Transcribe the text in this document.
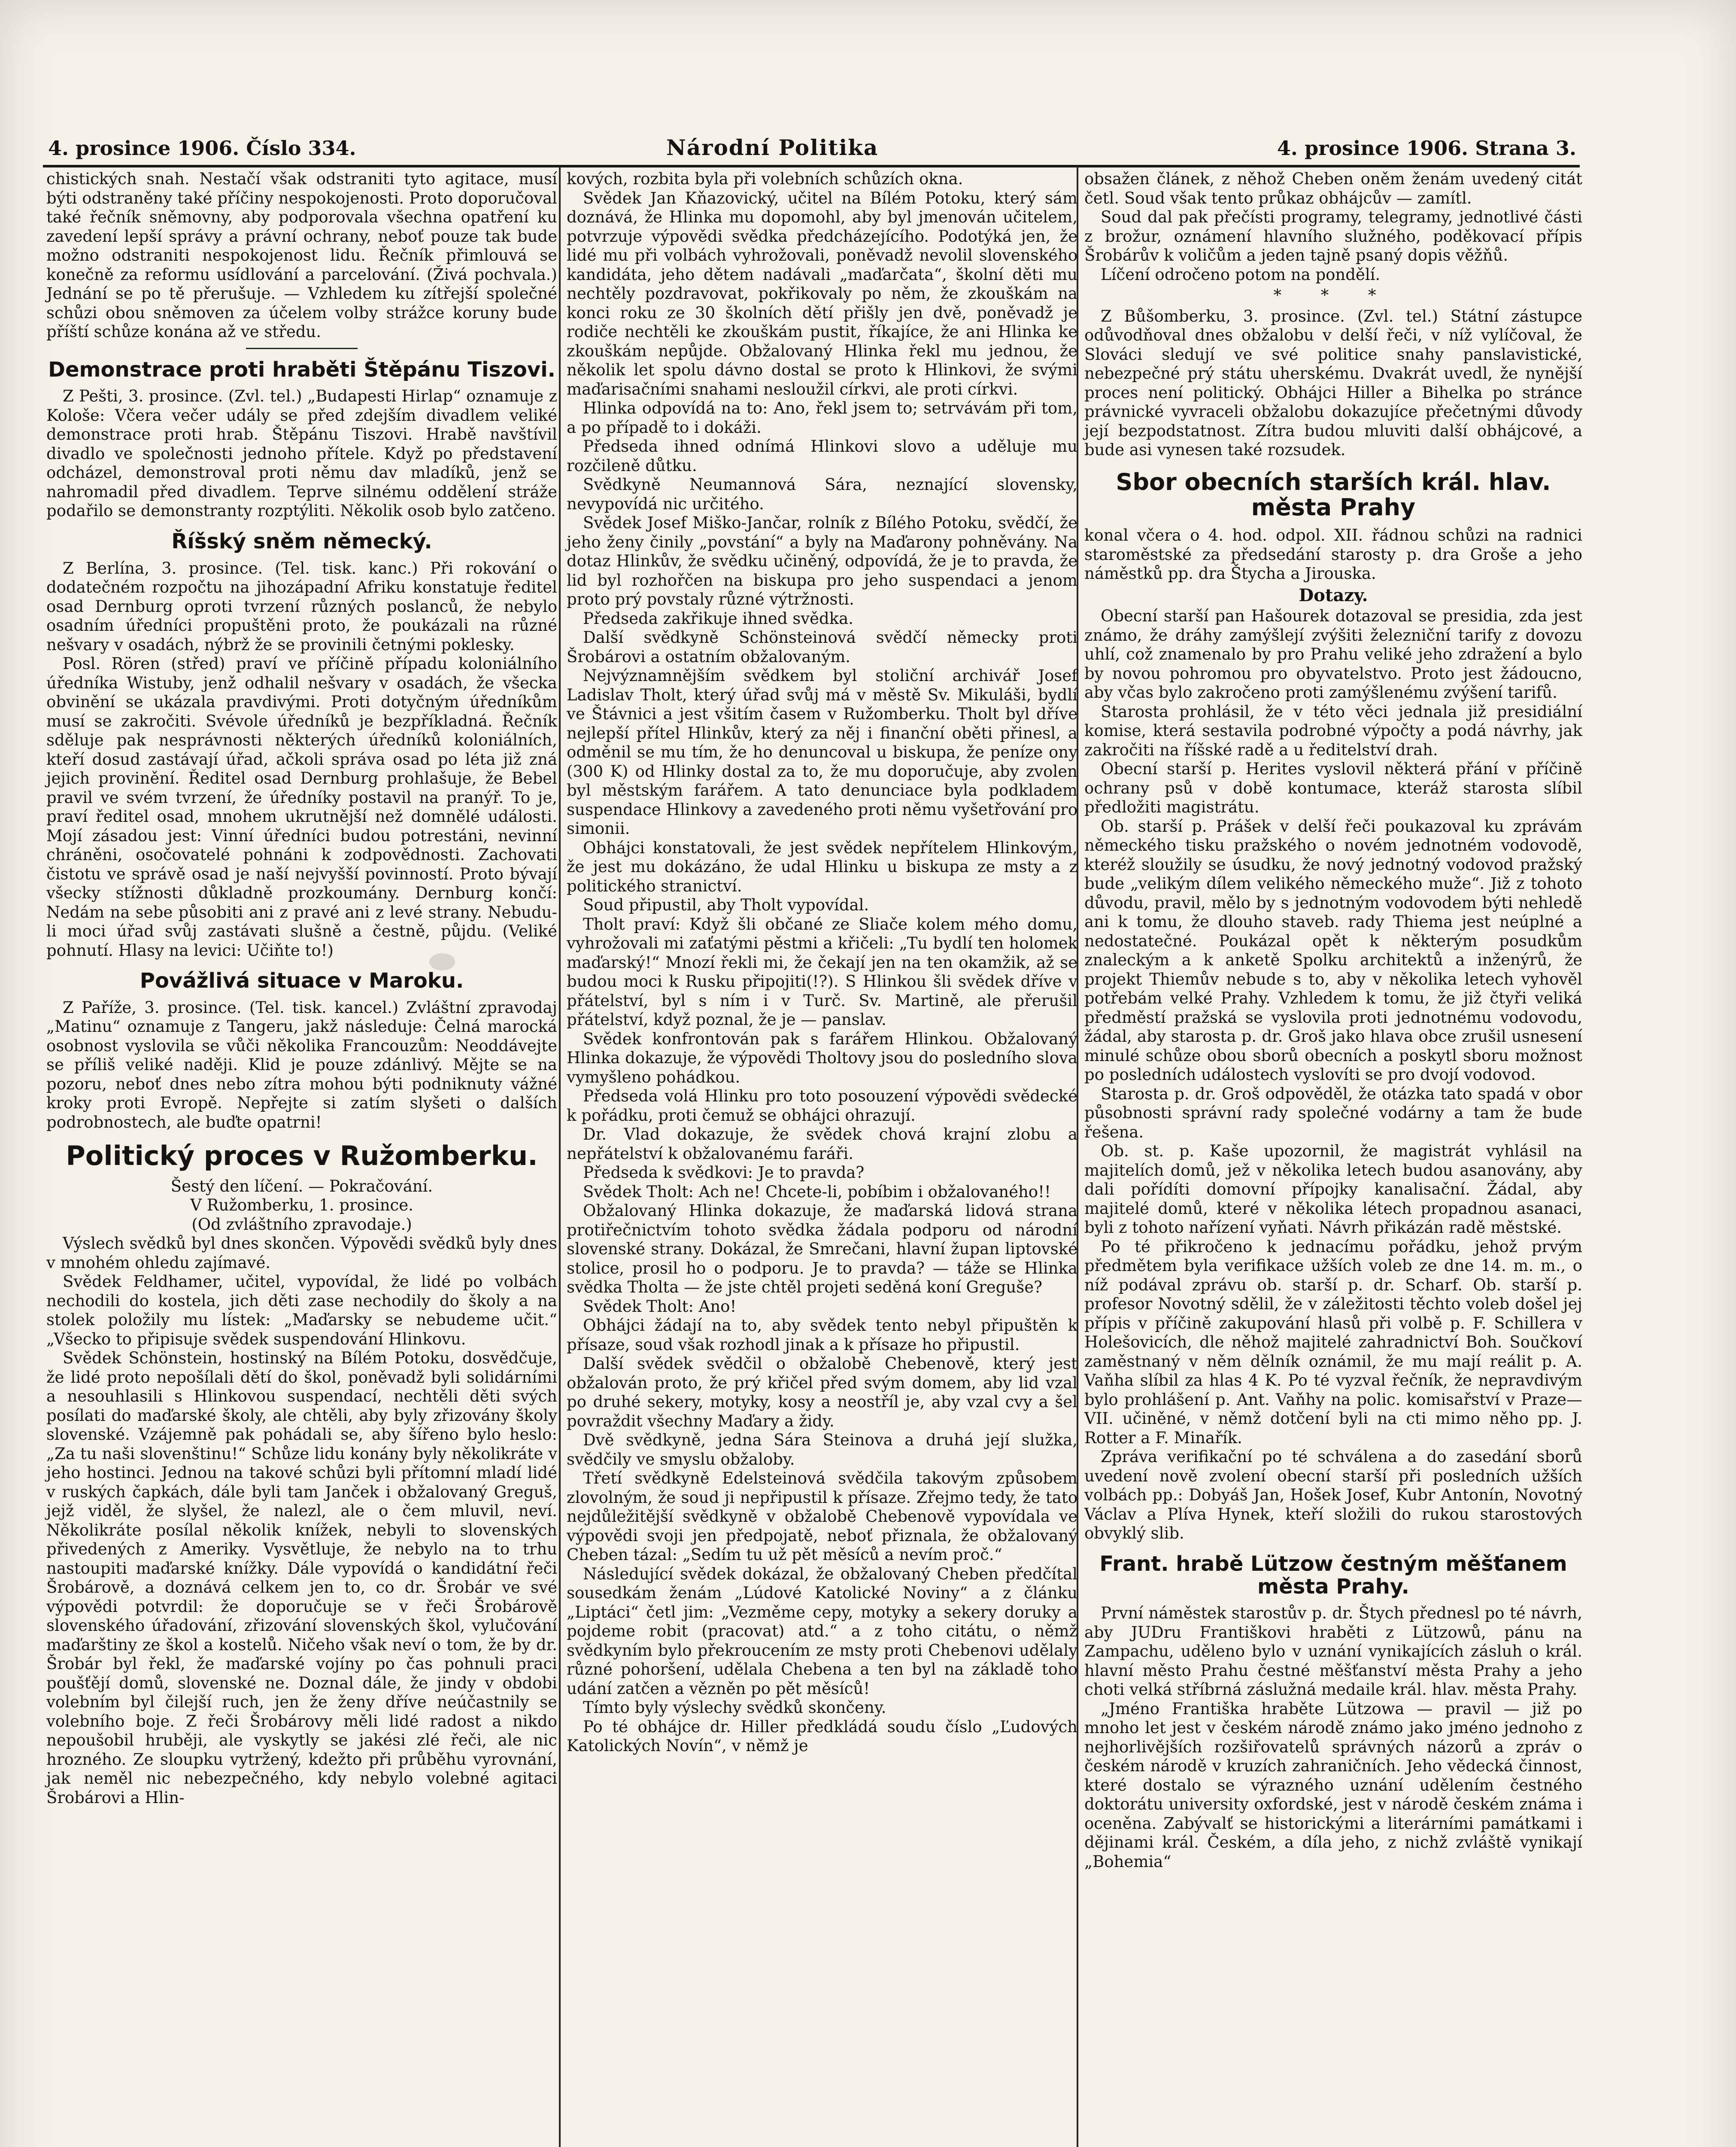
4. prosince 1906. Číslo 334.	Národní Politika	4. prosince 1906. Strana 3.

chistických snah. Nestačí však odstraniti tyto agitace, musí býti odstraněny také příčiny nespokojenosti. Proto doporučoval také řečník sněmovny, aby podporovala všechna opatření ku zavedení lepší správy a právní ochrany, neboť pouze tak bude možno odstraniti nespokojenost lidu. Řečník přimlouvá se konečně za reformu usídlování a parcelování. (Živá pochvala.) Jednání se po tě přerušuje. — Vzhledem ku zítřejší společné schůzi obou sněmoven za účelem volby strážce koruny bude příští schůze konána až ve středu.

Demonstrace proti hraběti Štěpánu Tiszovi.

Z Pešti, 3. prosince. (Zvl. tel.) „Budapesti Hirlap“ oznamuje z Kološe: Včera večer udály se před zdejším divadlem veliké demonstrace proti hrab. Štěpánu Tiszovi. Hrabě navštívil divadlo ve společnosti jednoho přítele. Když po představení odcházel, demonstroval proti němu dav mladíků, jenž se nahromadil před divadlem. Teprve silnému oddělení stráže podařilo se demonstranty rozptýliti. Několik osob bylo zatčeno.

Říšský sněm německý.

Z Berlína, 3. prosince. (Tel. tisk. kanc.) Při rokování o dodatečném rozpočtu na jihozápadní Afriku konstatuje ředitel osad Dernburg oproti tvrzení různých poslanců, že nebylo osadním úředníci propuštěni proto, že poukázali na různé nešvary v osadách, nýbrž že se provinili četnými poklesky.

Posl. Rören (střed) praví ve příčině případu koloniálního úředníka Wistuby, jenž odhalil nešvary v osadách, že všecka obvinění se ukázala pravdivými. Proti dotyčným úředníkům musí se zakročiti. Svévole úředníků je bezpříkladná. Řečník sděluje pak nesprávnosti některých úředníků koloniálních, kteří dosud zastávají úřad, ačkoli správa osad po léta již zná jejich provinění. Ředitel osad Dernburg prohlašuje, že Bebel pravil ve svém tvrzení, že úředníky postavil na pranýř. To je, praví ředitel osad, mnohem ukrutnější než domnělé události. Mojí zásadou jest: Vinní úředníci budou potrestáni, nevinní chráněni, osočovatelé pohnáni k zodpovědnosti. Zachovati čistotu ve správě osad je naší nejvyšší povinností. Proto bývají všecky stížnosti důkladně prozkoumány. Dernburg končí: Nedám na sebe působiti ani z pravé ani z levé strany. Nebudu-li moci úřad svůj zastávati slušně a čestně, půjdu. (Veliké pohnutí. Hlasy na levici: Učiňte to!)

Povážlivá situace v Maroku.

Z Paříže, 3. prosince. (Tel. tisk. kancel.) Zvláštní zpravodaj „Matinu“ oznamuje z Tangeru, jakž následuje: Čelná marocká osobnost vyslovila se vůči několika Francouzům: Neoddávejte se příliš veliké naději. Klid je pouze zdánlivý. Mějte se na pozoru, neboť dnes nebo zítra mohou býti podniknuty vážné kroky proti Evropě. Nepřejte si zatím slyšeti o dalších podrobnostech, ale buďte opatrni!

Politický proces v Ružomberku.

Šestý den líčení. — Pokračování.

V Ružomberku, 1. prosince.

(Od zvláštního zpravodaje.)

Výslech svědků byl dnes skončen. Výpovědi svědků byly dnes v mnohém ohledu zajímavé.

Svědek Feldhamer, učitel, vypovídal, že lidé po volbách nechodili do kostela, jich děti zase nechodily do školy a na stolek položily mu lístek: „Maďarsky se nebudeme učit.“ „Všecko to připisuje svědek suspendování Hlinkovu.

Svědek Schönstein, hostinský na Bílém Potoku, dosvědčuje, že lidé proto nepošílali dětí do škol, poněvadž byli solidárními a nesouhlasili s Hlinkovou suspendací, nechtěli děti svých posílati do maďarské školy, ale chtěli, aby byly zřizovány školy slovenské. Vzájemně pak pohádali se, aby šířeno bylo heslo: „Za tu naši slovenštinu!“ Schůze lidu konány byly několikráte v jeho hostinci. Jednou na takové schůzi byli přítomní mladí lidé v ruských čapkách, dále byli tam Janček i obžalovaný Greguš, jejž viděl, že slyšel, že nalezl, ale o čem mluvil, neví. Několikráte posílal několik knížek, nebyli to slovenských přivedených z Ameriky. Vysvětluje, že nebylo na to trhu nastoupiti maďarské knížky. Dále vypovídá o kandidátní řeči Šrobárově, a doznává celkem jen to, co dr. Šrobár ve své výpovědi potvrdil: že doporučuje se v řeči Šrobárově slovenského úřadování, zřizování slovenských škol, vylučování maďarštiny ze škol a kostelů. Ničeho však neví o tom, že by dr. Šrobár byl řekl, že maďarské vojíny po čas pohnuli praci poušťějí domů, slovenské ne. Doznal dále, že jindy v obdobi volebním byl čilejší ruch, jen že ženy dříve neúčastnily se volebního boje. Z řeči Šrobárovy měli lidé radost a nikdo nepoušobil hruběji, ale vyskytly se jakési zlé řeči, ale nic hrozného. Ze sloupku vytržený, kdežto při průběhu vyrovnání, jak neměl nic nebezpečného, kdy nebylo volebné agitaci Šrobárovi a Hlin-

kových, rozbita byla při volebních schůzích okna.

Svědek Jan Kňazovický, učitel na Bílém Potoku, který sám doznává, že Hlinka mu dopomohl, aby byl jmenován učitelem, potvrzuje výpovědi svědka předcházejícího. Podotýká jen, že lidé mu při volbách vyhrožovali, poněvadž nevolil slovenského kandidáta, jeho dětem nadávali „maďarčata“, školní děti mu nechtěly pozdravovat, pokřikovaly po něm, že zkouškám na konci roku ze 30 školních dětí přišly jen dvě, poněvadž je rodiče nechtěli ke zkouškám pustit, říkajíce, že ani Hlinka ke zkouškám nepůjde. Obžalovaný Hlinka řekl mu jednou, že několik let spolu dávno dostal se proto k Hlinkovi, že svými maďarisačními snahami nesloužil církvi, ale proti církvi.

Hlinka odpovídá na to: Ano, řekl jsem to; setrvávám při tom, a po případě to i dokáži.

Předseda ihned odnímá Hlinkovi slovo a uděluje mu rozčileně důtku.

Svědkyně Neumannová Sára, neznající slovensky, nevypovídá nic určitého.

Svědek Josef Miško-Jančar, rolník z Bílého Potoku, svědčí, že jeho ženy činily „povstání“ a byly na Maďarony pohněvány. Na dotaz Hlinkův, že svědku učiněný, odpovídá, že je to pravda, že lid byl rozhořčen na biskupa pro jeho suspendaci a jenom proto prý povstaly různé výtržnosti.

Předseda zakřikuje ihned svědka.

Další svědkyně Schönsteinová svědčí německy proti Šrobárovi a ostatním obžalovaným.

Nejvýznamnějším svědkem byl stoliční archivář Josef Ladislav Tholt, který úřad svůj má v městě Sv. Mikuláši, bydlí ve Štávnici a jest všitím časem v Ružomberku. Tholt byl dříve nejlepší přítel Hlinkův, který za něj i finanční oběti přinesl, a odměnil se mu tím, že ho denuncoval u biskupa, že peníze ony (300 K) od Hlinky dostal za to, že mu doporučuje, aby zvolen byl městským farářem. A tato denunciace byla podkladem suspendace Hlinkovy a zavedeného proti němu vyšetřování pro simonii.

Obhájci konstatovali, že jest svědek nepřítelem Hlinkovým, že jest mu dokázáno, že udal Hlinku u biskupa ze msty a z politického stranictví.

Soud připustil, aby Tholt vypovídal.

Tholt praví: Když šli občané ze Sliače kolem mého domu, vyhrožovali mi zaťatými pěstmi a křičeli: „Tu bydlí ten holomek maďarský!“ Mnozí řekli mi, že čekají jen na ten okamžik, až se budou moci k Rusku připojiti(!?). S Hlinkou šli svědek dříve v přátelství, byl s ním i v Turč. Sv. Martině, ale přerušil přátelství, když poznal, že je — panslav.

Svědek konfrontován pak s farářem Hlinkou. Obžalovaný Hlinka dokazuje, že výpovědi Tholtovy jsou do posledního slova vymyšleno pohádkou.

Předseda volá Hlinku pro toto posouzení výpovědi svědecké k pořádku, proti čemuž se obhájci ohrazují.

Dr. Vlad dokazuje, že svědek chová krajní zlobu a nepřátelství k obžalovanému faráři.

Předseda k svědkovi: Je to pravda?

Svědek Tholt: Ach ne! Chcete-li, pobíbim i obžalovaného!!

Obžalovaný Hlinka dokazuje, že maďarská lidová strana protiřečnictvím tohoto svědka žádala podporu od národní slovenské strany. Dokázal, že Smrečani, hlavní župan liptovské stolice, prosil ho o podporu. Je to pravda? — táže se Hlinka svědka Tholta — že jste chtěl projeti seděná koní Greguše?

Svědek Tholt: Ano!

Obhájci žádají na to, aby svědek tento nebyl připuštěn k přísaze, soud však rozhodl jinak a k přísaze ho připustil.

Další svědek svědčil o obžalobě Chebenově, který jest obžalován proto, že prý křičel před svým domem, aby lid vzal po druhé sekery, motyky, kosy a neostříl je, aby vzal cvy a šel povraždit všechny Maďary a židy.

Dvě svědkyně, jedna Sára Steinova a druhá její služka, svědčily ve smyslu obžaloby.

Třetí svědkyně Edelsteinová svědčila takovým způsobem zlovolným, že soud ji nepřipustil k přísaze. Zřejmo tedy, že tato nejdůležitější svědkyně v obžalobě Chebenově vypovídala ve výpovědi svoji jen předpojatě, neboť přiznala, že obžalovaný Cheben tázal: „Sedím tu už pět měsíců a nevím proč.“

Následující svědek dokázal, že obžalovaný Cheben předčítal sousedkám ženám „Lúdové Katolické Noviny“ a z článku „Liptáci“ četl jim: „Vezměme cepy, motyky a sekery doruky a pojdeme robit (pracovat) atd.“ a z toho citátu, o němž svědkyním bylo překroucením ze msty proti Chebenovi udělaly různé pohoršení, udělala Chebena a ten byl na základě toho udání zatčen a vězněn po pět měsíců!

Tímto byly výslechy svědků skončeny.

Po té obhájce dr. Hiller předkládá soudu číslo „Ľudových Katolických Novín“, v němž je

obsažen článek, z něhož Cheben oněm ženám uvedený citát četl. Soud však tento průkaz obhájcův — zamítl.

Soud dal pak přečísti programy, telegramy, jednotlivé části z brožur, oznámení hlavního služného, poděkovací přípis Šrobárův k voličům a jeden tajně psaný dopis věžňů.

Líčení odročeno potom na pondělí.

* * *

Z Bůšomberku, 3. prosince. (Zvl. tel.) Státní zástupce odůvodňoval dnes obžalobu v delší řeči, v níž vylíčoval, že Slováci sledují ve své politice snahy panslavistické, nebezpečné prý státu uherskému. Dvakrát uvedl, že nynější proces není politický. Obhájci Hiller a Bihelka po stránce právnické vyvraceli obžalobu dokazujíce přečetnými důvody její bezpodstatnost. Zítra budou mluviti další obhájcové, a bude asi vynesen také rozsudek.

Sbor obecních starších král. hlav. města Prahy

konal včera o 4. hod. odpol. XII. řádnou schůzi na radnici staroměstské za předsedání starosty p. dra Groše a jeho náměstků pp. dra Štycha a Jirouska.

Dotazy.

Obecní starší pan Hašourek dotazoval se presidia, zda jest známo, že dráhy zamýšlejí zvýšiti železniční tarify z dovozu uhlí, což znamenalo by pro Prahu veliké jeho zdražení a bylo by novou pohromou pro obyvatelstvo. Proto jest žádoucno, aby včas bylo zakročeno proti zamýšlenému zvýšení tarifů.

Starosta prohlásil, že v této věci jednala již presidiální komise, která sestavila podrobné výpočty a podá návrhy, jak zakročiti na říšské radě a u ředitelství drah.

Obecní starší p. Herites vyslovil některá přání v příčině ochrany psů v době kontumace, kteráž starosta slíbil předložiti magistrátu.

Ob. starší p. Prášek v delší řeči poukazoval ku zprávám německého tisku pražského o novém jednotném vodovodě, kteréž sloužily se úsudku, že nový jednotný vodovod pražský bude „velikým dílem velikého německého muže“. Již z tohoto důvodu, pravil, mělo by s jednotným vodovodem býti nehledě ani k tomu, že dlouho staveb. rady Thiema jest neúplné a nedostatečné. Poukázal opět k některým posudkům znaleckým a k anketě Spolku architektů a inženýrů, že projekt Thiemův nebude s to, aby v několika letech vyhověl potřebám velké Prahy. Vzhledem k tomu, že již čtyři veliká předměstí pražská se vyslovila proti jednotnému vodovodu, žádal, aby starosta p. dr. Groš jako hlava obce zrušil usnesení minulé schůze obou sborů obecních a poskytl sboru možnost po posledních událostech vyslovíti se pro dvojí vodovod.

Starosta p. dr. Groš odpověděl, že otázka tato spadá v obor působnosti správní rady společné vodárny a tam že bude řešena.

Ob. st. p. Kaše upozornil, že magistrát vyhlásil na majitelích domů, jež v několika letech budou asanovány, aby dali pořídíti domovní přípojky kanalisační. Žádal, aby majitelé domů, které v několika létech propadnou asanaci, byli z tohoto nařízení vyňati. Návrh přikázán radě městské.

Po té přikročeno k jednacímu pořádku, jehož prvým předmětem byla verifikace užších voleb ze dne 14. m. m., o níž podával zprávu ob. starší p. dr. Scharf. Ob. starší p. profesor Novotný sdělil, že v záležitosti těchto voleb došel jej přípis v příčině zakupování hlasů při volbě p. F. Schillera v Holešovicích, dle něhož majitelé zahradnictví Boh. Součkoví zaměstnaný v něm dělník oznámil, že mu mají reálit p. A. Vaňha slíbil za hlas 4 K. Po té vyzval řečník, že nepravdivým bylo prohlášení p. Ant. Vaňhy na polic. komisařství v Praze—VII. učiněné, v němž dotčení byli na cti mimo něho pp. J. Rotter a F. Minařík.

Zpráva verifikační po té schválena a do zasedání sborů uvedení nově zvolení obecní starší při posledních užších volbách pp.: Dobyáš Jan, Hošek Josef, Kubr Antonín, Novotný Václav a Plíva Hynek, kteří složili do rukou starostových obvyklý slib.

Frant. hrabě Lützow čestným měšťanem města Prahy.

První náměstek starostův p. dr. Štych přednesl po té návrh, aby JUDru Františkovi hraběti z Lützowů, pánu na Zampachu, uděleno bylo v uznání vynikajících zásluh o král. hlavní město Prahu čestné měšťanství města Prahy a jeho choti velká stříbrná záslužná medaile král. hlav. města Prahy.

„Jméno Františka hraběte Lützowa — pravil — již po mnoho let jest v českém národě známo jako jméno jednoho z nejhorlivějších rozšiřovatelů správných názorů a zpráv o českém národě v kruzích zahraničních. Jeho vědecká činnost, které dostalo se výrazného uznání udělením čestného doktorátu university oxfordské, jest v národě českém známa i oceněna. Zabývalť se historickými a literárními památkami i dějinami král. Českém, a díla jeho, z nichž zvláště vynikají „Bohemia“
